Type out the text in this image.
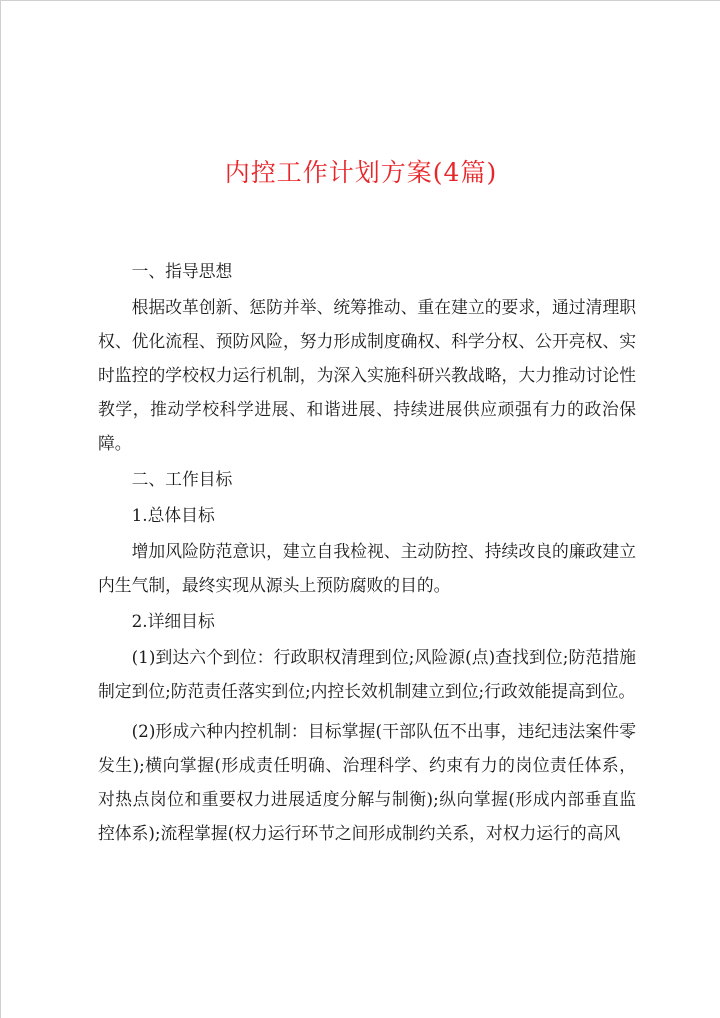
内控工作计划方案(4篇)

一、指导思想

根据改革创新、惩防并举、统筹推动、重在建立的要求，通过清理职权、优化流程、预防风险，努力形成制度确权、科学分权、公开亮权、实时监控的学校权力运行机制，为深入实施科研兴教战略，大力推动讨论性教学，推动学校科学进展、和谐进展、持续进展供应顽强有力的政治保障。

二、工作目标

1.总体目标

增加风险防范意识，建立自我检视、主动防控、持续改良的廉政建立内生气制，最终实现从源头上预防腐败的目的。

2.详细目标

(1)到达六个到位：行政职权清理到位;风险源(点)查找到位;防范措施制定到位;防范责任落实到位;内控长效机制建立到位;行政效能提高到位。

(2)形成六种内控机制：目标掌握(干部队伍不出事，违纪违法案件零发生);横向掌握(形成责任明确、治理科学、约束有力的岗位责任体系，对热点岗位和重要权力进展适度分解与制衡);纵向掌握(形成内部垂直监控体系);流程掌握(权力运行环节之间形成制约关系，对权力运行的高风
